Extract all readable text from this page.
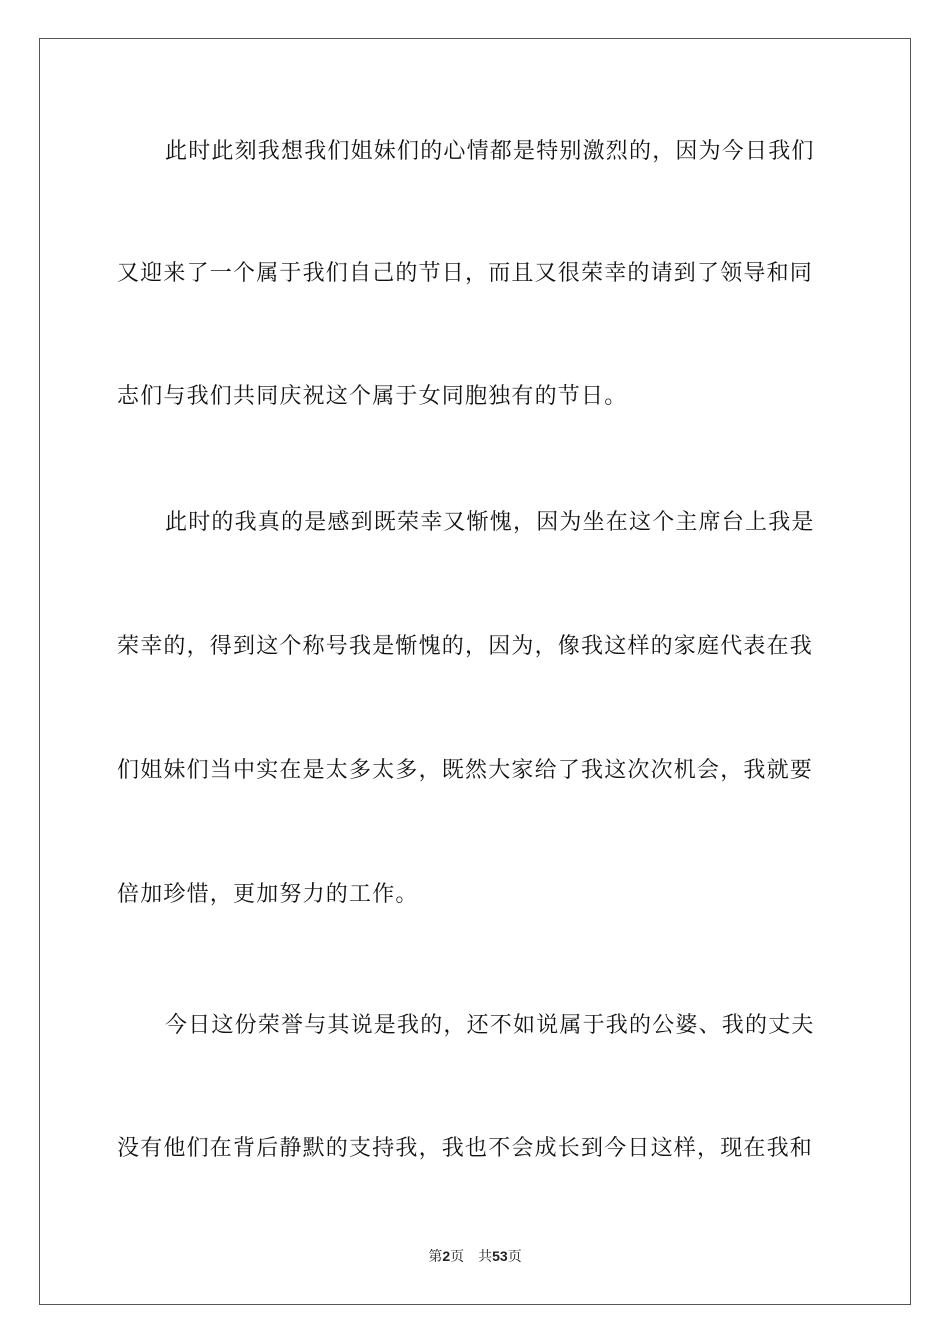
此时此刻我想我们姐妹们的心情都是特别激烈的，因为今日我们
又迎来了一个属于我们自己的节日，而且又很荣幸的请到了领导和同
志们与我们共同庆祝这个属于女同胞独有的节日。
此时的我真的是感到既荣幸又惭愧，因为坐在这个主席台上我是
荣幸的，得到这个称号我是惭愧的，因为，像我这样的家庭代表在我
们姐妹们当中实在是太多太多，既然大家给了我这次次机会，我就要
倍加珍惜，更加努力的工作。
今日这份荣誉与其说是我的，还不如说属于我的公婆、我的丈夫
没有他们在背后静默的支持我，我也不会成长到今日这样，现在我和
第2页 共53页
